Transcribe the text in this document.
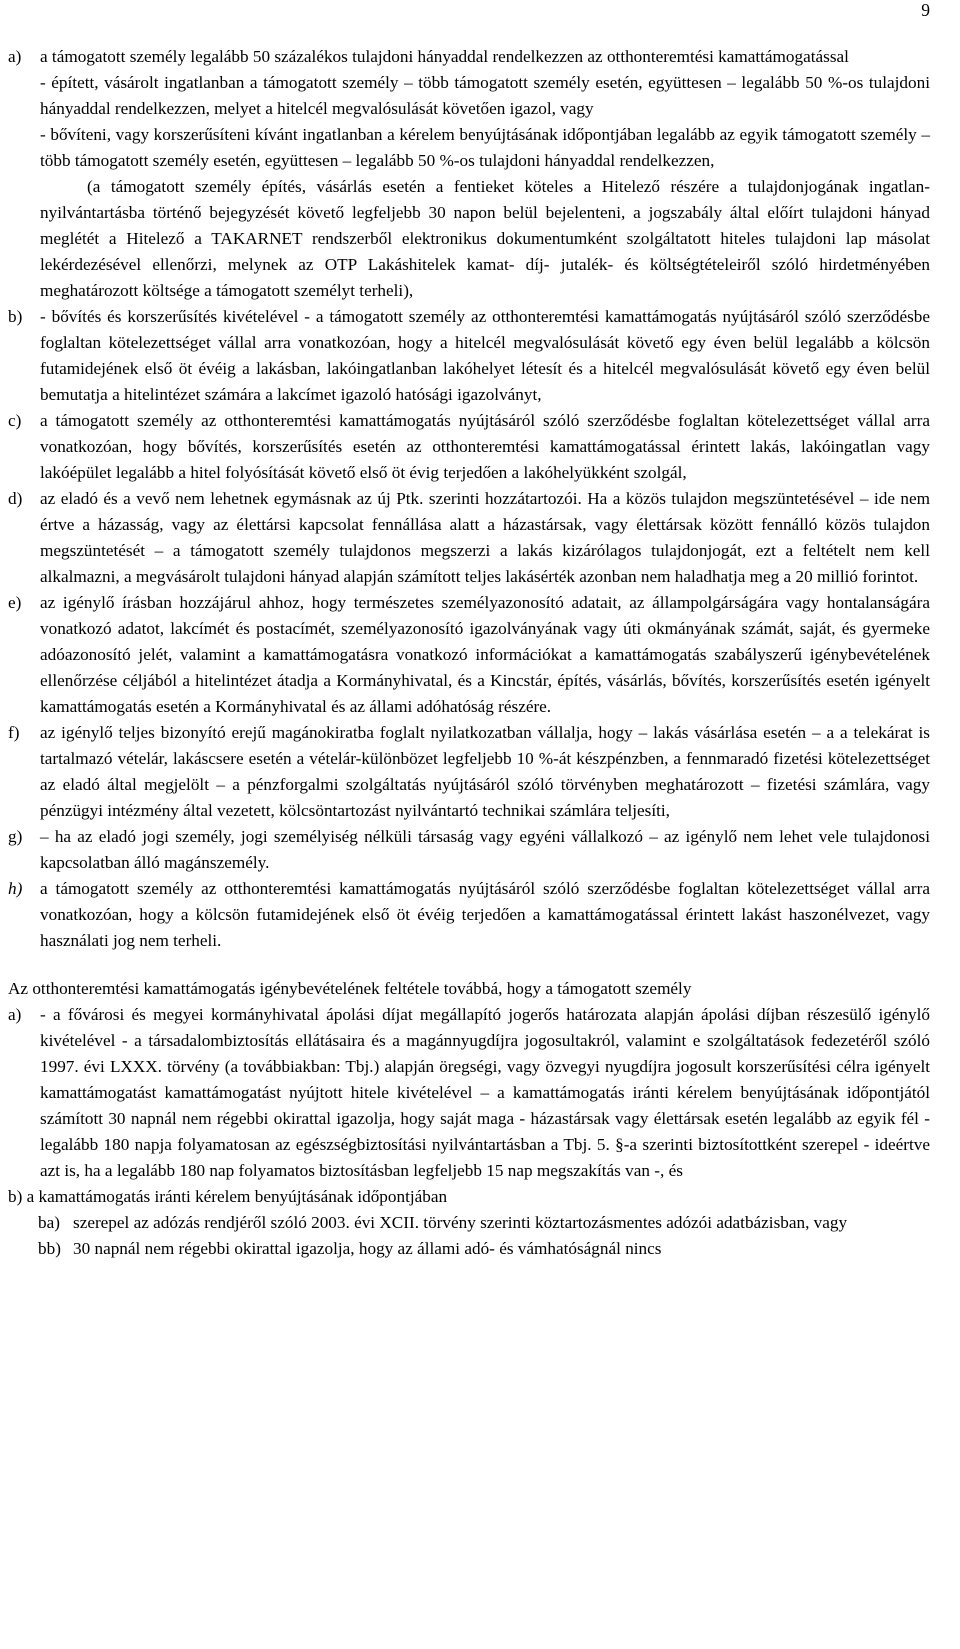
9
a) a támogatott személy legalább 50 százalékos tulajdoni hányaddal rendelkezzen az otthonteremtési kamattámogatással

- épített, vásárolt ingatlanban a támogatott személy – több támogatott személy esetén, együttesen – legalább 50 %-os tulajdoni hányaddal rendelkezzen, melyet a hitelcél megvalósulását követően igazol, vagy

- bővíteni, vagy korszerűsíteni kívánt ingatlanban a kérelem benyújtásának időpontjában legalább az egyik támogatott személy – több támogatott személy esetén, együttesen – legalább 50 %-os tulajdoni hányaddal rendelkezzen,

(a támogatott személy építés, vásárlás esetén a fentieket köteles a Hitelező részére a tulajdonjogának ingatlan-nyilvántartásba történő bejegyzését követő legfeljebb 30 napon belül bejelenteni, a jogszabály által előírt tulajdoni hányad meglétét a Hitelező a TAKARNET rendszerből elektronikus dokumentumként szolgáltatott hiteles tulajdoni lap másolat lekérdezésével ellenőrzi, melynek az OTP Lakáshitelek kamat- díj- jutalék- és költségtételeiről szóló hirdetményében meghatározott költsége a támogatott személyt terheli),

b) - bővítés és korszerűsítés kivételével - a támogatott személy az otthonteremtési kamattámogatás nyújtásáról szóló szerződésbe foglaltan kötelezettséget vállal arra vonatkozóan, hogy a hitelcél megvalósulását követő egy éven belül legalább a kölcsön futamidejének első öt évéig a lakásban, lakóingatlanban lakóhelyet létesít és a hitelcél megvalósulását követő egy éven belül bemutatja a hitelintézet számára a lakcímet igazoló hatósági igazolványt,

c) a támogatott személy az otthonteremtési kamattámogatás nyújtásáról szóló szerződésbe foglaltan kötelezettséget vállal arra vonatkozóan, hogy bővítés, korszerűsítés esetén az otthonteremtési kamattámogatással érintett lakás, lakóingatlan vagy lakóépület legalább a hitel folyósítását követő első öt évig terjedően a lakóhelyükként szolgál,

d) az eladó és a vevő nem lehetnek egymásnak az új Ptk. szerinti hozzátartozói. Ha a közös tulajdon megszüntetésével – ide nem értve a házasság, vagy az élettársi kapcsolat fennállása alatt a házastársak, vagy élettársak között fennálló közös tulajdon megszüntetését – a támogatott személy tulajdonos megszerzi a lakás kizárólagos tulajdonjogát, ezt a feltételt nem kell alkalmazni, a megvásárolt tulajdoni hányad alapján számított teljes lakásérték azonban nem haladhatja meg a 20 millió forintot.

e) az igénylő írásban hozzájárul ahhoz, hogy természetes személyazonosító adatait, az állampolgárságára vagy hontalanságára vonatkozó adatot, lakcímét és postacímét, személyazonosító igazolványának vagy úti okmányának számát, saját, és gyermeke adóazonosító jelét, valamint a kamattámogatásra vonatkozó információkat a kamattámogatás szabályszerű igénybevételének ellenőrzése céljából a hitelintézet átadja a Kormányhivatal, és a Kincstár, építés, vásárlás, bővítés, korszerűsítés esetén igényelt kamattámogatás esetén a Kormányhivatal és az állami adóhatóság részére.

f) az igénylő teljes bizonyító erejű magánokiratba foglalt nyilatkozatban vállalja, hogy – lakás vásárlása esetén – a a telekárat is tartalmazó vételár, lakáscsere esetén a vételár-különbözet legfeljebb 10 %-át készpénzben, a fennmaradó fizetési kötelezettséget az eladó által megjelölt – a pénzforgalmi szolgáltatás nyújtásáról szóló törvényben meghatározott – fizetési számlára, vagy pénzügyi intézmény által vezetett, kölcsöntartozást nyilvántartó technikai számlára teljesíti,

g) – ha az eladó jogi személy, jogi személyiség nélküli társaság vagy egyéni vállalkozó – az igénylő nem lehet vele tulajdonosi kapcsolatban álló magánszemély.

h) a támogatott személy az otthonteremtési kamattámogatás nyújtásáról szóló szerződésbe foglaltan kötelezettséget vállal arra vonatkozóan, hogy a kölcsön futamidejének első öt évéig terjedően a kamattámogatással érintett lakást haszonélvezet, vagy használati jog nem terheli.

Az otthonteremtési kamattámogatás igénybevételének feltétele továbbá, hogy a támogatott személy

a) - a fővárosi és megyei kormányhivatal ápolási díjat megállapító jogerős határozata alapján ápolási díjban részesülő igénylő kivételével - a társadalombiztosítás ellátásaira és a magánnyugdíjra jogosultakról, valamint e szolgáltatások fedezetéről szóló 1997. évi LXXX. törvény (a továbbiakban: Tbj.) alapján öregségi, vagy özvegyi nyugdíjra jogosult korszerűsítési célra igényelt kamattámogatást kamattámogatást nyújtott hitele kivételével – a kamattámogatás iránti kérelem benyújtásának időpontjától számított 30 napnál nem régebbi okirattal igazolja, hogy saját maga - házastársak vagy élettársak esetén legalább az egyik fél - legalább 180 napja folyamatosan az egészségbiztosítási nyilvántartásban a Tbj. 5. §-a szerinti biztosítottként szerepel - ideértve azt is, ha a legalább 180 nap folyamatos biztosításban legfeljebb 15 nap megszakítás van -, és

b) a kamattámogatás iránti kérelem benyújtásának időpontjában

ba) szerepel az adózás rendjéről szóló 2003. évi XCII. törvény szerinti köztartozásmentes adózói adatbázisban, vagy

bb) 30 napnál nem régebbi okirattal igazolja, hogy az állami adó- és vámhatóságnál nincs
